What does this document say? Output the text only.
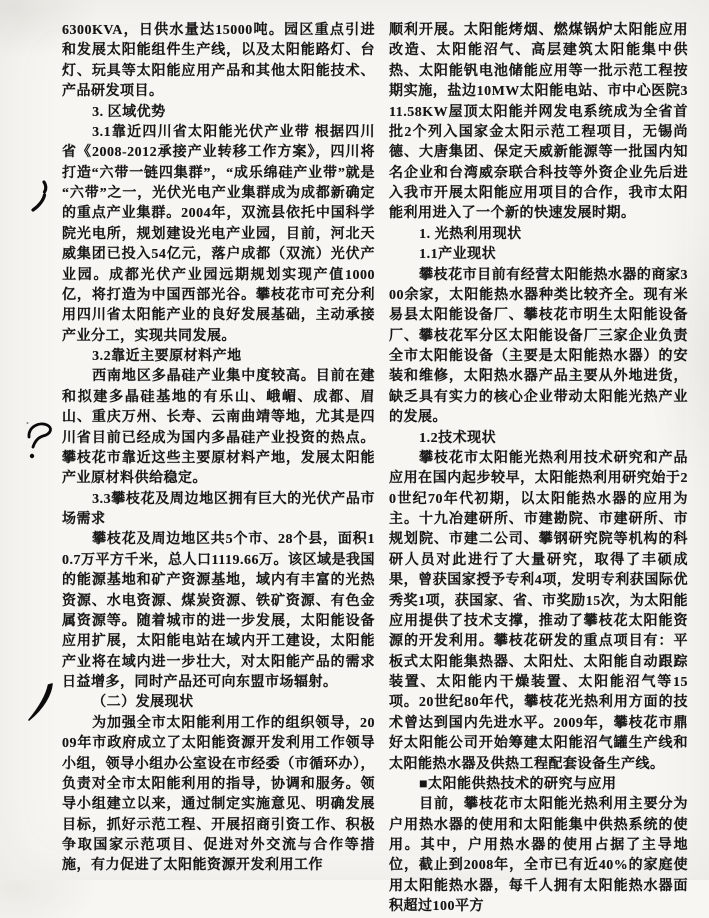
6300KVA，日供水量达15000吨。园区重点引进和发展太阳能组件生产线，以及太阳能路灯、台灯、玩具等太阳能应用产品和其他太阳能技术、产品研发项目。

3. 区域优势

3.1靠近四川省太阳能光伏产业带 根据四川省《2008-2012承接产业转移工作方案》，四川将打造“六带一链四集群”，“成乐绵硅产业带”就是“六带”之一，光伏光电产业集群成为成都新确定的重点产业集群。2004年，双流县依托中国科学院光电所，规划建设光电产业园，目前，河北天威集团已投入54亿元，落户成都（双流）光伏产业园。成都光伏产业园远期规划实现产值1000亿，将打造为中国西部光谷。攀枝花市可充分利用四川省太阳能产业的良好发展基础，主动承接产业分工，实现共同发展。

3.2靠近主要原材料产地

西南地区多晶硅产业集中度较高。目前在建和拟建多晶硅基地的有乐山、峨嵋、成都、眉山、重庆万州、长寿、云南曲靖等地，尤其是四川省目前已经成为国内多晶硅产业投资的热点。攀枝花市靠近这些主要原材料产地，发展太阳能产业原材料供给稳定。

3.3攀枝花及周边地区拥有巨大的光伏产品市场需求

攀枝花及周边地区共5个市、28个县，面积10.7万平方千米，总人口1119.66万。该区域是我国的能源基地和矿产资源基地，域内有丰富的光热资源、水电资源、煤炭资源、铁矿资源、有色金属资源等。随着城市的进一步发展，太阳能设备应用扩展，太阳能电站在域内开工建设，太阳能产业将在域内进一步壮大，对太阳能产品的需求日益增多，同时产品还可向东盟市场辐射。

（二）发展现状

为加强全市太阳能利用工作的组织领导，2009年市政府成立了太阳能资源开发利用工作领导小组，领导小组办公室设在市经委（市循环办），负责对全市太阳能利用的指导，协调和服务。领导小组建立以来，通过制定实施意见、明确发展目标，抓好示范工程、开展招商引资工作、积极争取国家示范项目、促进对外交流与合作等措施，有力促进了太阳能资源开发利用工作

顺利开展。太阳能烤烟、燃煤锅炉太阳能应用改造、太阳能沼气、高层建筑太阳能集中供热、太阳能钒电池储能应用等一批示范工程按期实施，盐边10MW太阳能电站、市中心医院311.58KW屋顶太阳能并网发电系统成为全省首批2个列入国家金太阳示范工程项目，无锡尚德、大唐集团、保定天威新能源等一批国内知名企业和台湾威奈联合科技等外资企业先后进入我市开展太阳能应用项目的合作，我市太阳能利用进入了一个新的快速发展时期。

1. 光热利用现状

1.1产业现状

攀枝花市目前有经营太阳能热水器的商家300余家，太阳能热水器种类比较齐全。现有米易县太阳能设备厂、攀枝花市明生太阳能设备厂、攀枝花军分区太阳能设备厂三家企业负责全市太阳能设备（主要是太阳能热水器）的安装和维修，太阳热水器产品主要从外地进货，缺乏具有实力的核心企业带动太阳能光热产业的发展。

1.2技术现状

攀枝花市太阳能光热利用技术研究和产品应用在国内起步较早，太阳能热利用研究始于20世纪70年代初期，以太阳能热水器的应用为主。十九冶建研所、市建勘院、市建研所、市规划院、市建二公司、攀钢研究院等机构的科研人员对此进行了大量研究，取得了丰硕成果，曾获国家授予专利4项，发明专利获国际优秀奖1项，获国家、省、市奖励15次，为太阳能应用提供了技术支撑，推动了攀枝花太阳能资源的开发利用。攀枝花研发的重点项目有：平板式太阳能集热器、太阳灶、太阳能自动跟踪装置、太阳能内干燥装置、太阳能沼气等15项。20世纪80年代，攀枝花光热利用方面的技术曾达到国内先进水平。2009年，攀枝花市鼎好太阳能公司开始筹建太阳能沼气罐生产线和太阳能热水器及供热工程配套设备生产线。

■太阳能供热技术的研究与应用

目前，攀枝花市太阳能光热利用主要分为户用热水器的使用和太阳能集中供热系统的使用。其中，户用热水器的使用占据了主导地位，截止到2008年，全市已有近40%的家庭使用太阳能热水器，每千人拥有太阳能热水器面积超过100平方
